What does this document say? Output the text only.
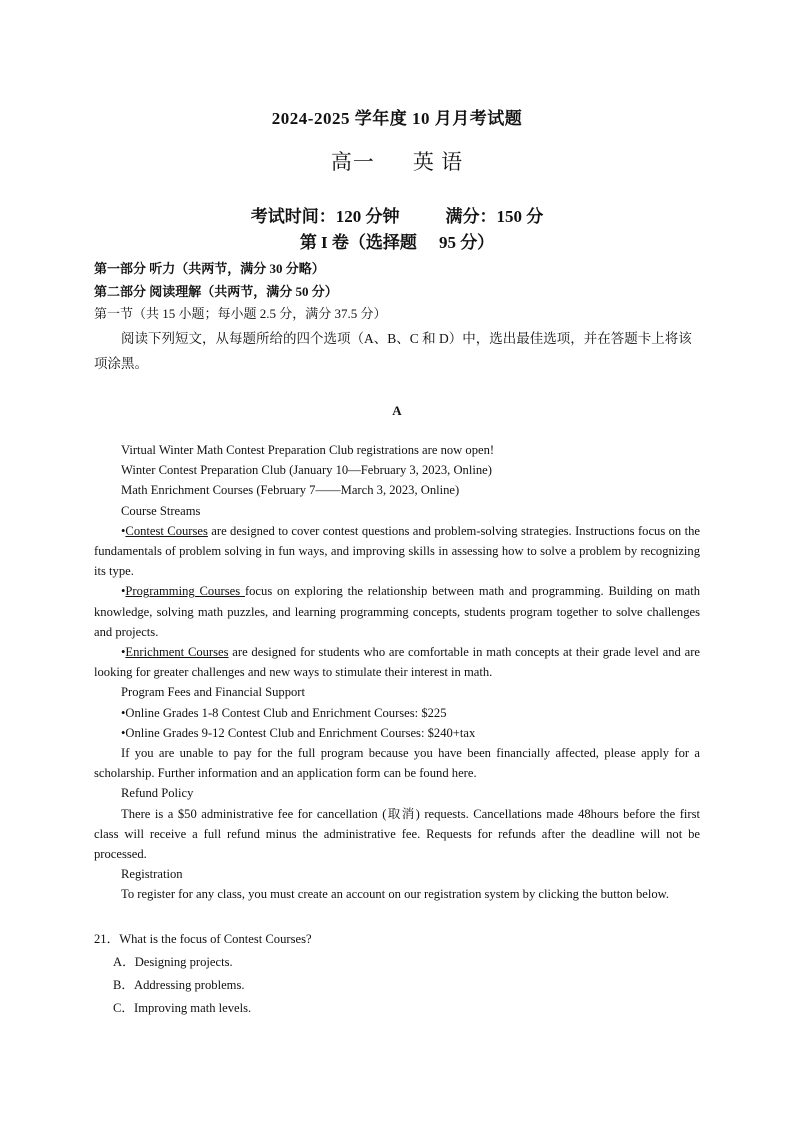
2024-2025 学年度 10 月月考试题
高一 英 语
考试时间：120 分钟	满分：150 分
第 I 卷（选择题 95 分）
第一部分 听力（共两节，满分 30 分略）
第二部分 阅读理解（共两节，满分 50 分）
第一节（共 15 小题；每小题 2.5 分，满分 37.5 分）
阅读下列短文，从每题所给的四个选项（A、B、C 和 D）中，选出最佳选项，并在答题卡上将该项涂黑。
A

Virtual Winter Math Contest Preparation Club registrations are now open!

Winter Contest Preparation Club (January 10—February 3, 2023, Online)

Math Enrichment Courses (February 7——March 3, 2023, Online)

Course Streams

•Contest Courses are designed to cover contest questions and problem-solving strategies. Instructions focus on the fundamentals of problem solving in fun ways, and improving skills in assessing how to solve a problem by recognizing its type.

•Programming Courses focus on exploring the relationship between math and programming. Building on math knowledge, solving math puzzles, and learning programming concepts, students program together to solve challenges and projects.

•Enrichment Courses are designed for students who are comfortable in math concepts at their grade level and are looking for greater challenges and new ways to stimulate their interest in math.

Program Fees and Financial Support

•Online Grades 1-8 Contest Club and Enrichment Courses: $225

•Online Grades 9-12 Contest Club and Enrichment Courses: $240+tax

If you are unable to pay for the full program because you have been financially affected, please apply for a scholarship. Further information and an application form can be found here.

Refund Policy

There is a $50 administrative fee for cancellation (取消) requests. Cancellations made 48hours before the first class will receive a full refund minus the administrative fee. Requests for refunds after the deadline will not be processed.

Registration

To register for any class, you must create an account on our registration system by clicking the button below.

21．What is the focus of Contest Courses?
A．Designing projects.
B．Addressing problems.
C．Improving math levels.
